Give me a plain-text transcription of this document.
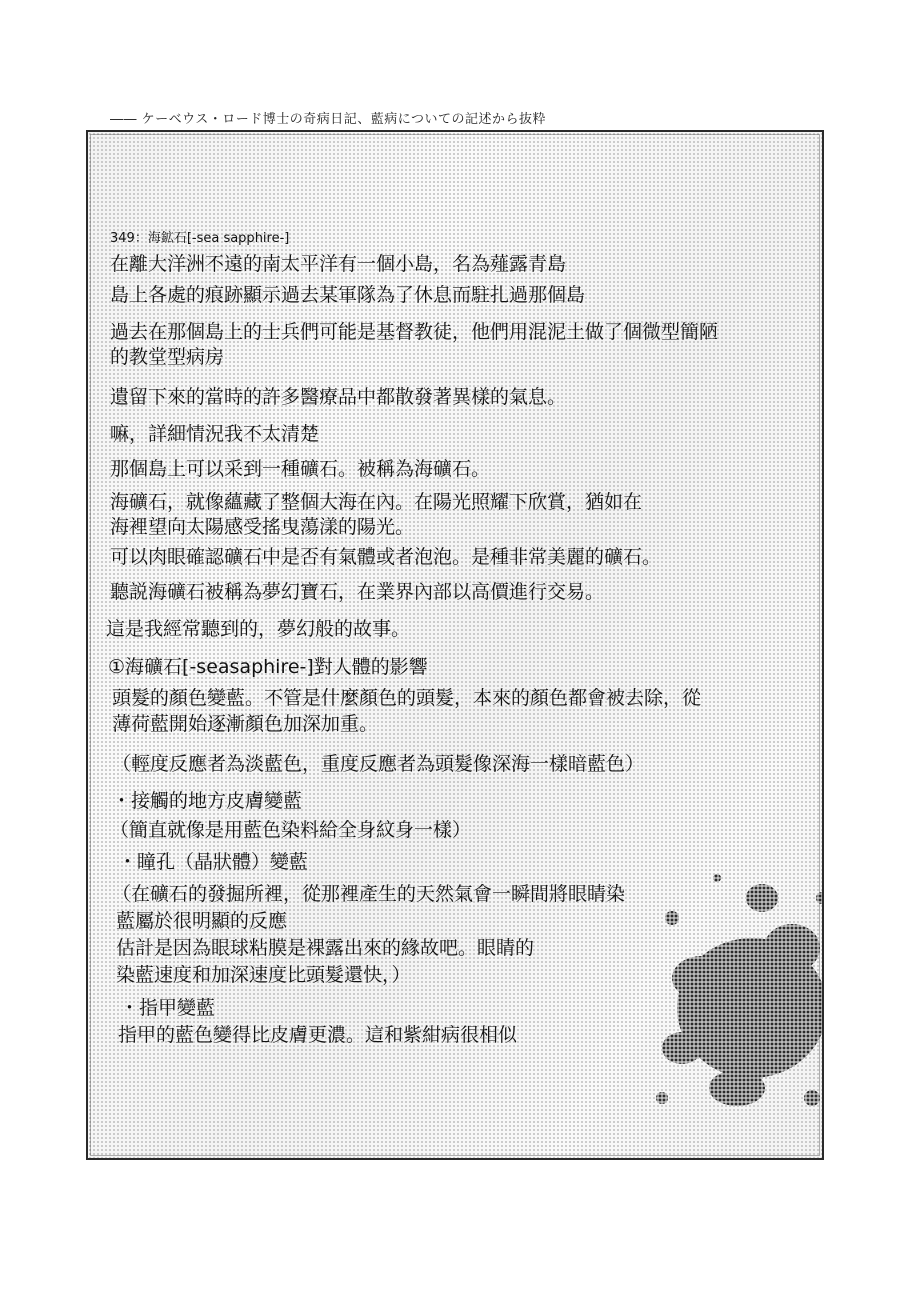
―― ケーベウス・ロード博士の奇病日記、藍病についての記述から抜粋
349：海鉱石[-sea sapphire-]
在離大洋洲不遠的南太平洋有一個小島，名為薤露青島
島上各處的痕跡顯示過去某軍隊為了休息而駐扎過那個島
過去在那個島上的士兵們可能是基督教徒，他們用混泥土做了個微型簡陋
的教堂型病房
遺留下來的當時的許多醫療品中都散發著異樣的氣息。
嘛，詳細情況我不太清楚
那個島上可以采到一種礦石。被稱為海礦石。
海礦石，就像蘊藏了整個大海在內。在陽光照耀下欣賞，猶如在
海裡望向太陽感受搖曳蕩漾的陽光。
可以肉眼確認礦石中是否有氣體或者泡泡。是種非常美麗的礦石。
聽説海礦石被稱為夢幻寶石，在業界內部以高價進行交易。
這是我經常聽到的，夢幻般的故事。
①海礦石[-seasaphire-]對人體的影響
頭髮的顏色變藍。不管是什麼顏色的頭髮，本來的顏色都會被去除，從
薄荷藍開始逐漸顏色加深加重。
（輕度反應者為淡藍色，重度反應者為頭髮像深海一樣暗藍色）
・接觸的地方皮膚變藍
（簡直就像是用藍色染料給全身紋身一樣）
・瞳孔（晶狀體）變藍
（在礦石的發掘所裡，從那裡產生的天然氣會一瞬間將眼睛染
藍屬於很明顯的反應
估計是因為眼球粘膜是裸露出來的緣故吧。眼睛的
染藍速度和加深速度比頭髮還快，）
・指甲變藍
指甲的藍色變得比皮膚更濃。這和紫紺病很相似
